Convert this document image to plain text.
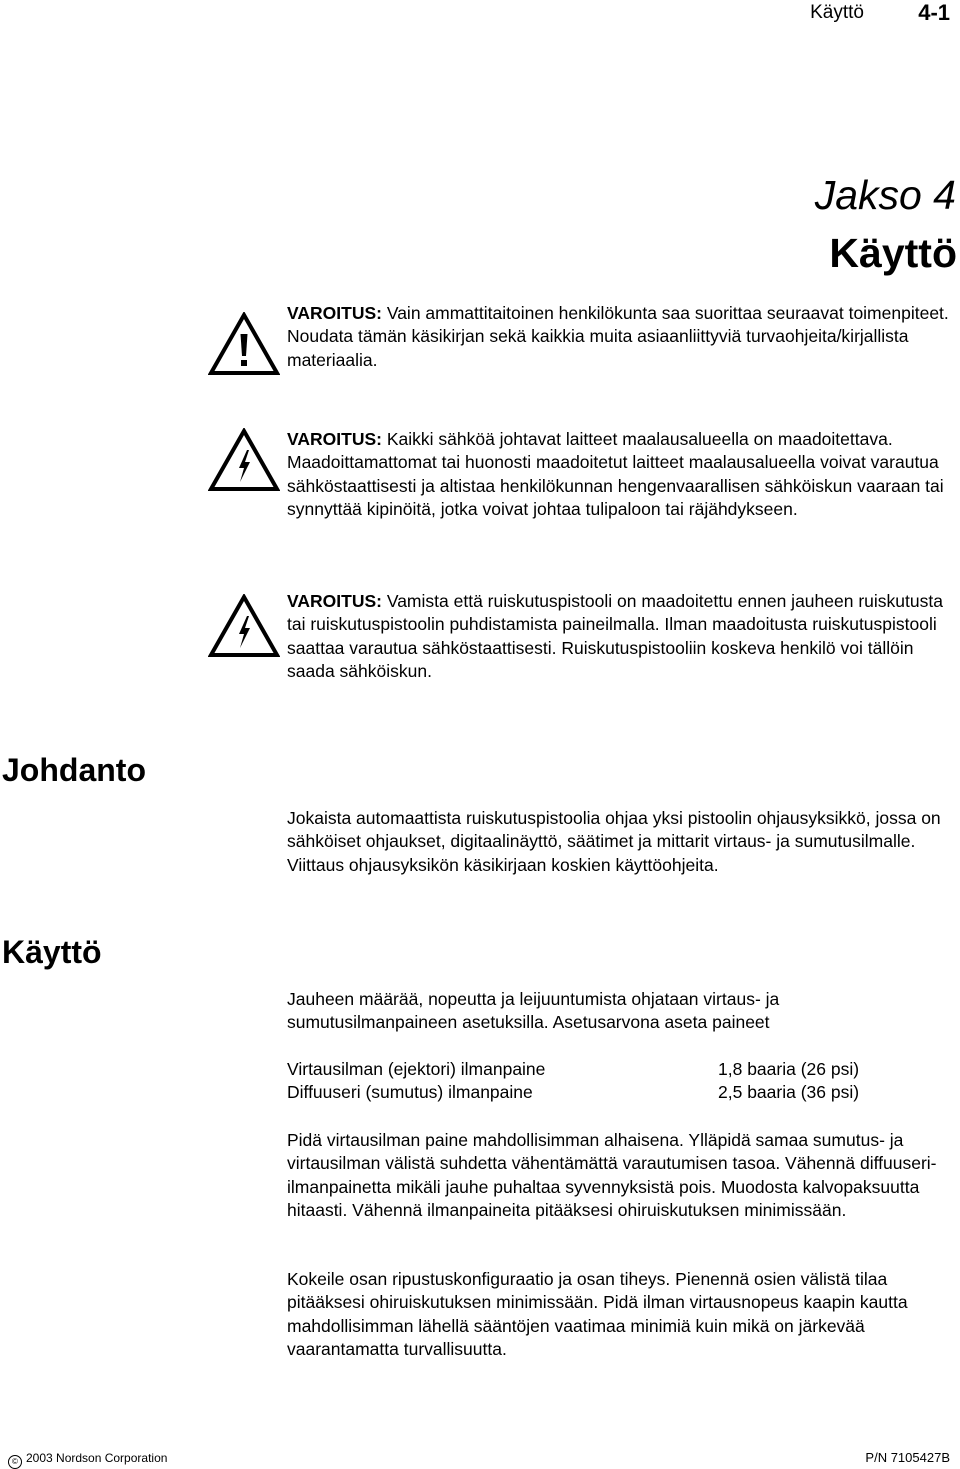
Käyttö 4-1
Jakso 4
Käyttö
VAROITUS: Vain ammattitaitoinen henkilökunta saa suorittaa seuraavat toimenpiteet. Noudata tämän käsikirjan sekä kaikkia muita asiaanliittyviä turvaohjeita/kirjallista materiaalia.
VAROITUS: Kaikki sähköä johtavat laitteet maalausalueella on maadoitettava. Maadoittamattomat tai huonosti maadoitetut laitteet maalausalueella voivat varautua sähköstaattisesti ja altistaa henkilökunnan hengenvaarallisen sähköiskun vaaraan tai synnyttää kipinöitä, jotka voivat johtaa tulipaloon tai räjähdykseen.
VAROITUS: Vamista että ruiskutuspistooli on maadoitettu ennen jauheen ruiskutusta tai ruiskutuspistoolin puhdistamista paineilmalla. Ilman maadoitusta ruiskutuspistooli saattaa varautua sähköstaattisesti. Ruiskutuspistooliin koskeva henkilö voi tällöin saada sähköiskun.
Johdanto
Jokaista automaattista ruiskutuspistoolia ohjaa yksi pistoolin ohjausyksikkö, jossa on sähköiset ohjaukset, digitaalinäyttö, säätimet ja mittarit virtaus- ja sumutusilmalle. Viittaus ohjausyksikön käsikirjaan koskien käyttöohjeita.
Käyttö
Jauheen määrää, nopeutta ja leijuuntumista ohjataan virtaus- ja sumutusilmanpaineen asetuksilla. Asetusarvona aseta paineet
Virtausilman (ejektori) ilmanpaine	1,8 baaria (26 psi)
Diffuuseri (sumutus) ilmanpaine	2,5 baaria (36 psi)
Pidä virtausilman paine mahdollisimman alhaisena. Ylläpidä samaa sumutus- ja virtausilman välistä suhdetta vähentämättä varautumisen tasoa. Vähennä diffuuseri-ilmanpainetta mikäli jauhe puhaltaa syvennyksistä pois. Muodosta kalvopaksuutta hitaasti. Vähennä ilmanpaineita pitääksesi ohiruiskutuksen minimissään.
Kokeile osan ripustuskonfiguraatio ja osan tiheys. Pienennä osien välistä tilaa pitääksesi ohiruiskutuksen minimissään. Pidä ilman virtausnopeus kaapin kautta mahdollisimman lähellä sääntöjen vaatimaa minimiä kuin mikä on järkevää vaarantamatta turvallisuutta.
© 2003 Nordson Corporation	P/N 7105427B
